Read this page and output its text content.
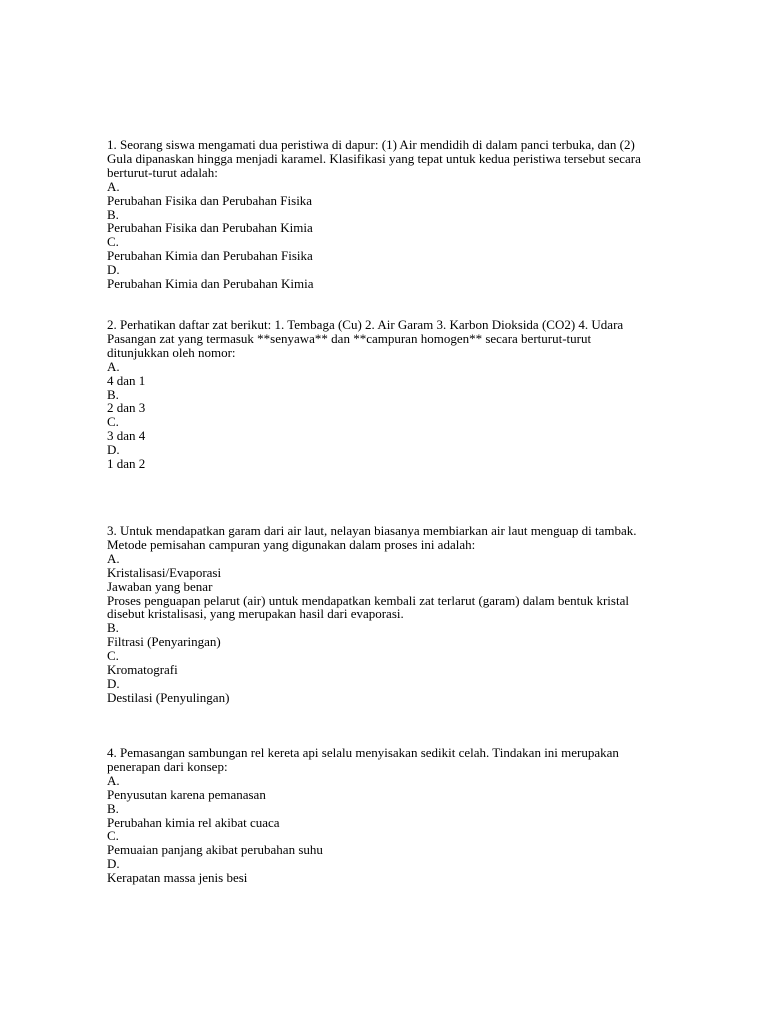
1. Seorang siswa mengamati dua peristiwa di dapur: (1) Air mendidih di dalam panci terbuka, dan (2) Gula dipanaskan hingga menjadi karamel. Klasifikasi yang tepat untuk kedua peristiwa tersebut secara berturut-turut adalah:
A.
Perubahan Fisika dan Perubahan Fisika
B.
Perubahan Fisika dan Perubahan Kimia
C.
Perubahan Kimia dan Perubahan Fisika
D.
Perubahan Kimia dan Perubahan Kimia
2. Perhatikan daftar zat berikut: 1. Tembaga (Cu) 2. Air Garam 3. Karbon Dioksida (CO2) 4. Udara Pasangan zat yang termasuk **senyawa** dan **campuran homogen** secara berturut-turut ditunjukkan oleh nomor:
A.
4 dan 1
B.
2 dan 3
C.
3 dan 4
D.
1 dan 2
3. Untuk mendapatkan garam dari air laut, nelayan biasanya membiarkan air laut menguap di tambak. Metode pemisahan campuran yang digunakan dalam proses ini adalah:
A.
Kristalisasi/Evaporasi
Jawaban yang benar
Proses penguapan pelarut (air) untuk mendapatkan kembali zat terlarut (garam) dalam bentuk kristal disebut kristalisasi, yang merupakan hasil dari evaporasi.
B.
Filtrasi (Penyaringan)
C.
Kromatografi
D.
Destilasi (Penyulingan)
4. Pemasangan sambungan rel kereta api selalu menyisakan sedikit celah. Tindakan ini merupakan penerapan dari konsep:
A.
Penyusutan karena pemanasan
B.
Perubahan kimia rel akibat cuaca
C.
Pemuaian panjang akibat perubahan suhu
D.
Kerapatan massa jenis besi
